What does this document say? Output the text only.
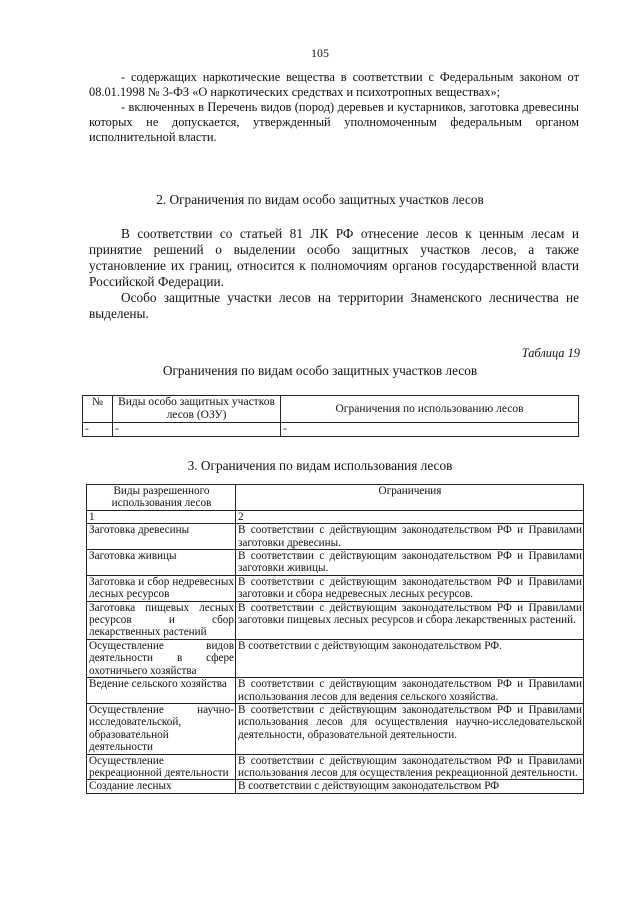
105

- содержащих наркотические вещества в соответствии с Федеральным законом от 08.01.1998 № 3-ФЗ «О наркотических средствах и психотропных веществах»;

- включенных в Перечень видов (пород) деревьев и кустарников, заготовка древесины которых не допускается, утвержденный уполномоченным федеральным органом исполнительной власти.

2. Ограничения по видам особо защитных участков лесов

В соответствии со статьей 81 ЛК РФ отнесение лесов к ценным лесам и принятие решений о выделении особо защитных участков лесов, а также установление их границ, относится к полномочиям органов государственной власти Российской Федерации.

Особо защитные участки лесов на территории Знаменского лесничества не выделены.

Таблица 19
Ограничения по видам особо защитных участков лесов
№	Виды особо защитных участков лесов (ОЗУ)	Ограничения по использованию лесов
-	-	-
3. Ограничения по видам использования лесов
Виды разрешенного использования лесов	Ограничения
1	2
Заготовка древесины	В соответствии с действующим законодательством РФ и Правилами заготовки древесины.
Заготовка живицы	В соответствии с действующим законодательством РФ и Правилами заготовки живицы.
Заготовка и сбор недревесных лесных ресурсов	В соответствии с действующим законодательством РФ и Правилами заготовки и сбора недревесных лесных ресурсов.
Заготовка пищевых лесных ресурсов и сбор лекарственных растений	В соответствии с действующим законодательством РФ и Правилами заготовки пищевых лесных ресурсов и сбора лекарственных растений.
Осуществление видов деятельности в сфере охотничьего хозяйства	В соответствии с действующим законодательством РФ.
Ведение сельского хозяйства	В соответствии с действующим законодательством РФ и Правилами использования лесов для ведения сельского хозяйства.
Осуществление научно-исследовательской, образовательной деятельности	В соответствии с действующим законодательством РФ и Правилами использования лесов для осуществления научно-исследовательской деятельности, образовательной деятельности.
Осуществление рекреационной деятельности	В соответствии с действующим законодательством РФ и Правилами использования лесов для осуществления рекреационной деятельности.
Создание лесных	В соответствии с действующим законодательством РФ
